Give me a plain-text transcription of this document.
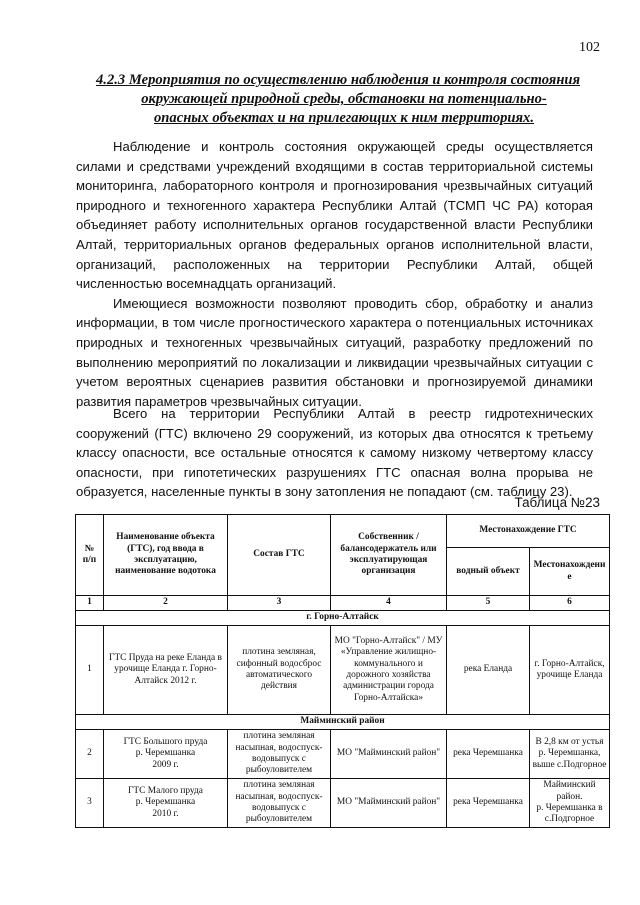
102
4.2.3 Мероприятия по осуществлению наблюдения и контроля состояния
окружающей природной среды, обстановки на потенциально-
опасных объектах и на прилегающих к ним территориях.

Наблюдение и контроль состояния окружающей среды осуществляется силами и средствами учреждений входящими в состав территориальной системы мониторинга, лабораторного контроля и прогнозирования чрезвычайных ситуаций природного и техногенного характера Республики Алтай (ТСМП ЧС РА) которая объединяет работу исполнительных органов государственной власти Республики Алтай, территориальных органов федеральных органов исполнительной власти, организаций, расположенных на территории Республики Алтай, общей численностью восемнадцать организаций.

Имеющиеся возможности позволяют проводить сбор, обработку и анализ информации, в том числе прогностического характера о потенциальных источниках природных и техногенных чрезвычайных ситуаций, разработку предложений по выполнению мероприятий по локализации и ликвидации чрезвычайных ситуации с учетом вероятных сценариев развития обстановки и прогнозируемой динамики развития параметров чрезвычайных ситуации.

Всего на территории Республики Алтай в реестр гидротехнических сооружений (ГТС) включено 29 сооружений, из которых два относятся к третьему классу опасности, все остальные относятся к самому низкому четвертому классу опасности, при гипотетических разрушениях ГТС опасная волна прорыва не образуется, населенные пункты в зону затопления не попадают (см. таблицу 23).

Таблица №23
№
п/п	Наименование объекта (ГТС), год ввода в эксплуатацию, наименование водотока	Состав ГТС	Собственник / балансодержатель или эксплуатирующая организация	Местонахождение ГТС	
				водный объект	Местонахождени е
1	2	3	4	5	6
г. Горно-Алтайск					
1	ГТС Пруда на реке Еланда в урочище Еланда г. Горно-Алтайск 2012 г.	плотина земляная, сифонный водосброс автоматического действия	МО "Горно-Алтайск" / МУ «Управление жилищно-коммунального и дорожного хозяйства администрации города Горно-Алтайска»	река Еланда	г. Горно-Алтайск, урочище Еланда
Майминский район					
2	ГТС Большого пруда
р. Черемшанка
2009 г.	плотина земляная насыпная, водоспуск-водовыпуск с рыбоуловителем	МО "Майминский район"	река Черемшанка	В 2,8 км от устья р. Черемшанка, выше с.Подгорное
3	ГТС Малого пруда
р. Черемшанка
2010 г.	плотина земляная насыпная, водоспуск-водовыпуск с рыбоуловителем	МО "Майминский район"	река Черемшанка	Майминский район.
р. Черемшанка в с.Подгорное
